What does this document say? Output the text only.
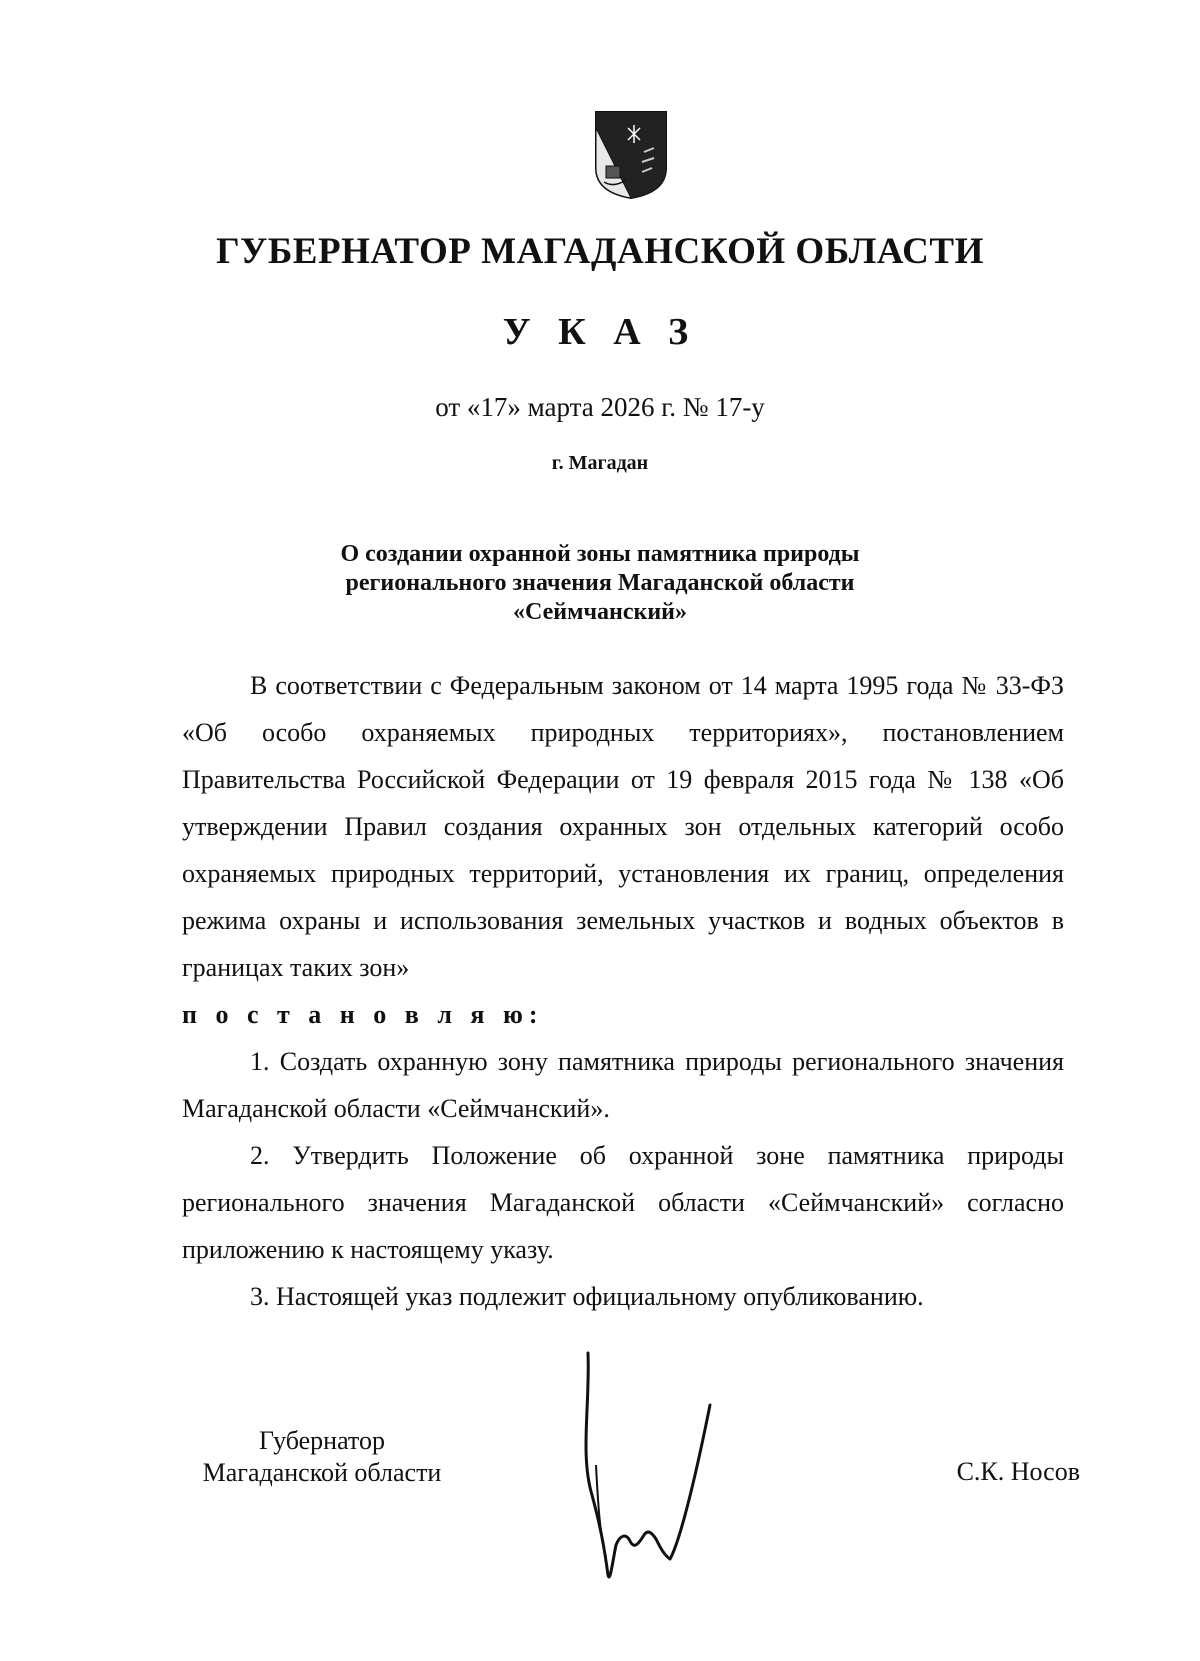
ГУБЕРНАТОР МАГАДАНСКОЙ ОБЛАСТИ
У К А З
от «17» марта 2026 г. № 17-у
г. Магадан
О создании охранной зоны памятника природы
регионального значения Магаданской области
«Сеймчанский»

В соответствии с Федеральным законом от 14 марта 1995 года № 33-ФЗ «Об особо охраняемых природных территориях», постановлением Правительства Российской Федерации от 19 февраля 2015 года № 138 «Об утверждении Правил создания охранных зон отдельных категорий особо охраняемых природных территорий, установления их границ, определения режима охраны и использования земельных участков и водных объектов в границах таких зон»
п о с т а н о в л я ю:

1. Создать охранную зону памятника природы регионального значения Магаданской области «Сеймчанский».

2. Утвердить Положение об охранной зоне памятника природы регионального значения Магаданской области «Сеймчанский» согласно приложению к настоящему указу.

3. Настоящей указ подлежит официальному опубликованию.

Губернатор
Магаданской области	С.К. Носов
